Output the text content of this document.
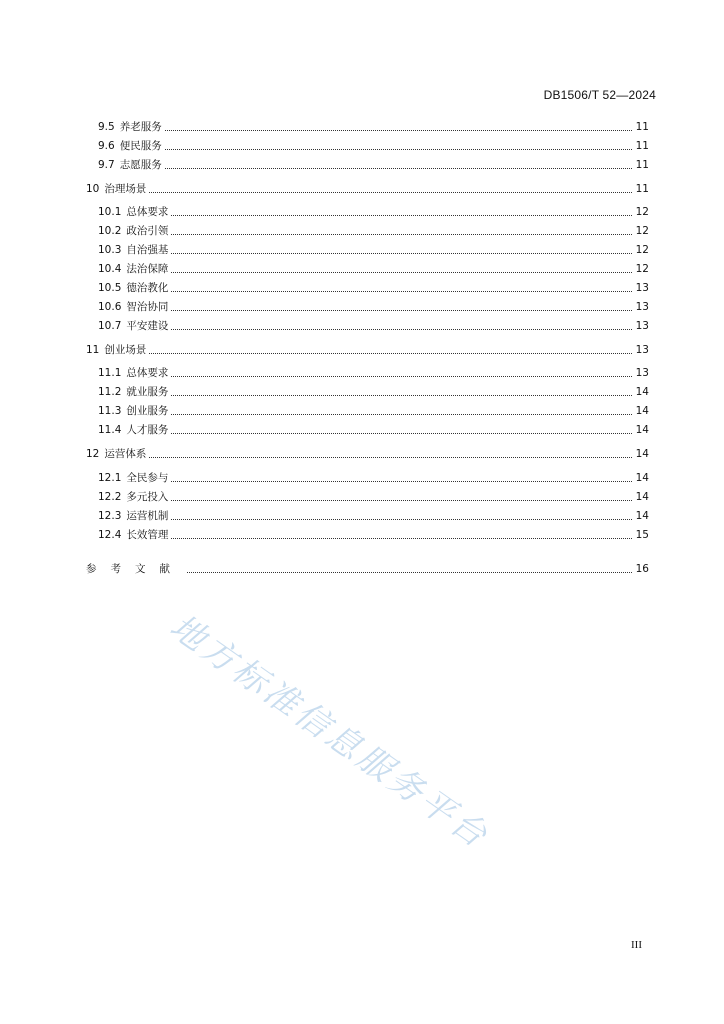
DB1506/T 52—2024
9.5 养老服务	11
9.6 便民服务	11
9.7 志愿服务	11
10 治理场景	11
10.1 总体要求	12
10.2 政治引领	12
10.3 自治强基	12
10.4 法治保障	12
10.5 德治教化	13
10.6 智治协同	13
10.7 平安建设	13
11 创业场景	13
11.1 总体要求	13
11.2 就业服务	14
11.3 创业服务	14
11.4 人才服务	14
12 运营体系	14
12.1 全民参与	14
12.2 多元投入	14
12.3 运营机制	14
12.4 长效管理	15
参考文献	16
地方标准信息服务平台
III
